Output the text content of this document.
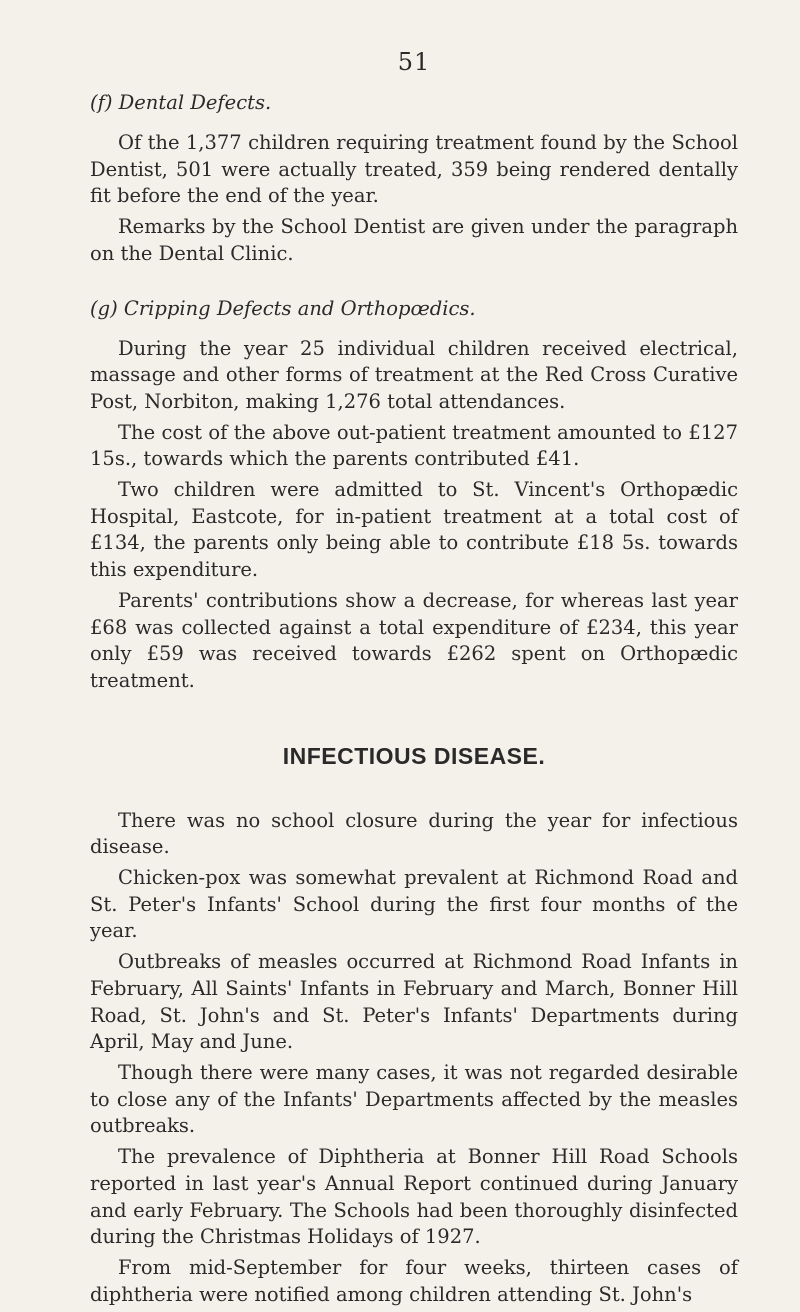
51
(f) Dental Defects.

Of the 1,377 children requiring treatment found by the School Dentist, 501 were actually treated, 359 being rendered dentally fit before the end of the year.

Remarks by the School Dentist are given under the paragraph on the Dental Clinic.

(g) Cripping Defects and Orthopœdics.

During the year 25 individual children received electrical, massage and other forms of treatment at the Red Cross Curative Post, Norbiton, making 1,276 total attendances.

The cost of the above out-patient treatment amounted to £127 15s., towards which the parents contributed £41.

Two children were admitted to St. Vincent's Orthopædic Hospital, Eastcote, for in-patient treatment at a total cost of £134, the parents only being able to contribute £18 5s. towards this expenditure.

Parents' contributions show a decrease, for whereas last year £68 was collected against a total expenditure of £234, this year only £59 was received towards £262 spent on Orthopædic treatment.

INFECTIOUS DISEASE.

There was no school closure during the year for infectious disease.

Chicken-pox was somewhat prevalent at Richmond Road and St. Peter's Infants' School during the first four months of the year.

Outbreaks of measles occurred at Richmond Road Infants in February, All Saints' Infants in February and March, Bonner Hill Road, St. John's and St. Peter's Infants' Departments during April, May and June.

Though there were many cases, it was not regarded desirable to close any of the Infants' Departments affected by the measles outbreaks.

The prevalence of Diphtheria at Bonner Hill Road Schools reported in last year's Annual Report continued during January and early February. The Schools had been thoroughly disinfected during the Christmas Holidays of 1927.

From mid-September for four weeks, thirteen cases of diphtheria were notified among children attending St. John's
